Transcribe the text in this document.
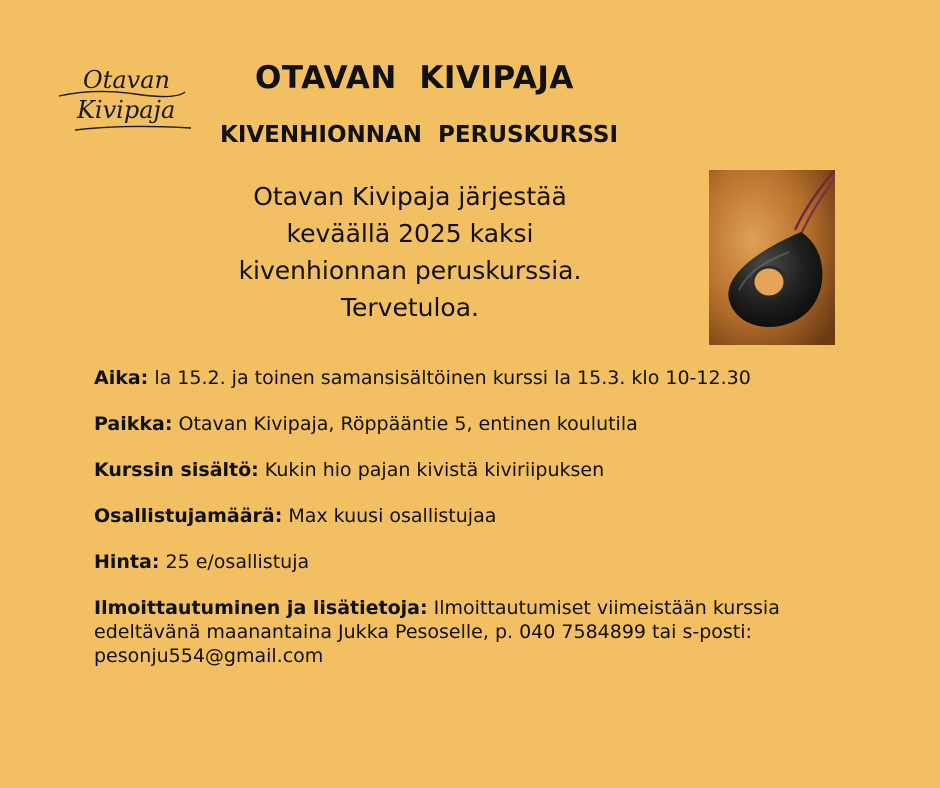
Otavan
Kivipaja
OTAVAN  KIVIPAJA
KIVENHIONNAN  PERUSKURSSI
Otavan Kivipaja järjestää
keväällä 2025 kaksi
kivenhionnan peruskurssia.
Tervetuloa.

Aika: la 15.2. ja toinen samansisältöinen kurssi la 15.3. klo 10-12.30

Paikka: Otavan Kivipaja, Röppääntie 5, entinen koulutila

Kurssin sisältö: Kukin hio pajan kivistä kiviriipuksen

Osallistujamäärä: Max kuusi osallistujaa

Hinta: 25 e/osallistuja

Ilmoittautuminen ja lisätietoja: Ilmoittautumiset viimeistään kurssia edeltävänä maanantaina Jukka Pesoselle, p. 040 7584899 tai s-posti: pesonju554@gmail.com
